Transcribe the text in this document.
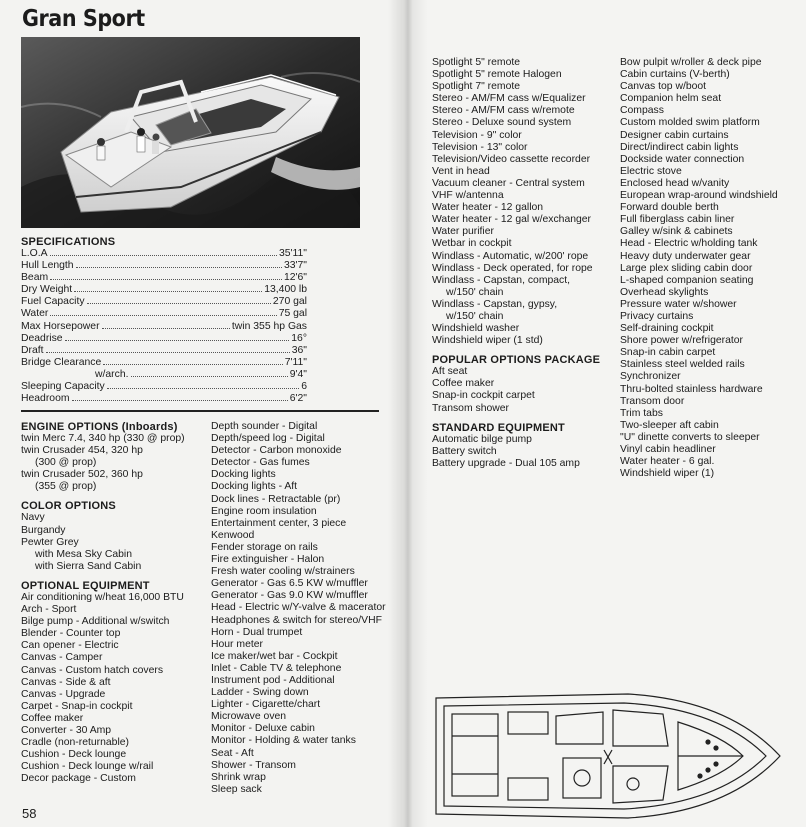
Gran Sport
SPECIFICATIONS
L.O.A	35'11"
Hull Length	33'7"
Beam	12'6"
Dry Weight	13,400 lb
Fuel Capacity	270 gal
Water	75 gal
Max Horsepower	twin 355 hp Gas
Deadrise	16°
Draft	36"
Bridge Clearance	7'11"
w/arch.	9'4"
Sleeping Capacity	6
Headroom	6'2"
ENGINE OPTIONS (Inboards)
twin Merc 7.4, 340 hp (330 @ prop)
twin Crusader 454, 320 hp
(300 @ prop)
twin Crusader 502, 360 hp
(355 @ prop)
COLOR OPTIONS
Navy
Burgandy
Pewter Grey
with Mesa Sky Cabin
with Sierra Sand Cabin
OPTIONAL EQUIPMENT
Air conditioning w/heat 16,000 BTU
Arch - Sport
Bilge pump - Additional w/switch
Blender - Counter top
Can opener - Electric
Canvas - Camper
Canvas - Custom hatch covers
Canvas - Side & aft
Canvas - Upgrade
Carpet - Snap-in cockpit
Coffee maker
Converter - 30 Amp
Cradle (non-returnable)
Cushion - Deck lounge
Cushion - Deck lounge w/rail
Decor package - Custom
Depth sounder - Digital
Depth/speed log - Digital
Detector - Carbon monoxide
Detector - Gas fumes
Docking lights
Docking lights - Aft
Dock lines - Retractable (pr)
Engine room insulation
Entertainment center, 3 piece
Kenwood
Fender storage on rails
Fire extinguisher - Halon
Fresh water cooling w/strainers
Generator - Gas 6.5 KW w/muffler
Generator - Gas 9.0 KW w/muffler
Head - Electric w/Y-valve & macerator
Headphones & switch for stereo/VHF
Horn - Dual trumpet
Hour meter
Ice maker/wet bar - Cockpit
Inlet - Cable TV & telephone
Instrument pod - Additional
Ladder - Swing down
Lighter - Cigarette/chart
Microwave oven
Monitor - Deluxe cabin
Monitor - Holding & water tanks
Seat - Aft
Shower - Transom
Shrink wrap
Sleep sack
Spotlight 5" remote
Spotlight 5" remote Halogen
Spotlight 7" remote
Stereo - AM/FM cass w/Equalizer
Stereo - AM/FM cass w/remote
Stereo - Deluxe sound system
Television - 9" color
Television - 13" color
Television/Video cassette recorder
Vent in head
Vacuum cleaner - Central system
VHF w/antenna
Water heater - 12 gallon
Water heater - 12 gal w/exchanger
Water purifier
Wetbar in cockpit
Windlass - Automatic, w/200' rope
Windlass - Deck operated, for rope
Windlass - Capstan, compact,
w/150' chain
Windlass - Capstan, gypsy,
w/150' chain
Windshield washer
Windshield wiper (1 std)
POPULAR OPTIONS PACKAGE
Aft seat
Coffee maker
Snap-in cockpit carpet
Transom shower
STANDARD EQUIPMENT
Automatic bilge pump
Battery switch
Battery upgrade - Dual 105 amp
Bow pulpit w/roller & deck pipe
Cabin curtains (V-berth)
Canvas top w/boot
Companion helm seat
Compass
Custom molded swim platform
Designer cabin curtains
Direct/indirect cabin lights
Dockside water connection
Electric stove
Enclosed head w/vanity
European wrap-around windshield
Forward double berth
Full fiberglass cabin liner
Galley w/sink & cabinets
Head - Electric w/holding tank
Heavy duty underwater gear
Large plex sliding cabin door
L-shaped companion seating
Overhead skylights
Pressure water w/shower
Privacy curtains
Self-draining cockpit
Shore power w/refrigerator
Snap-in cabin carpet
Stainless steel welded rails
Synchronizer
Thru-bolted stainless hardware
Transom door
Trim tabs
Two-sleeper aft cabin
"U" dinette converts to sleeper
Vinyl cabin headliner
Water heater - 6 gal.
Windshield wiper (1)
58
